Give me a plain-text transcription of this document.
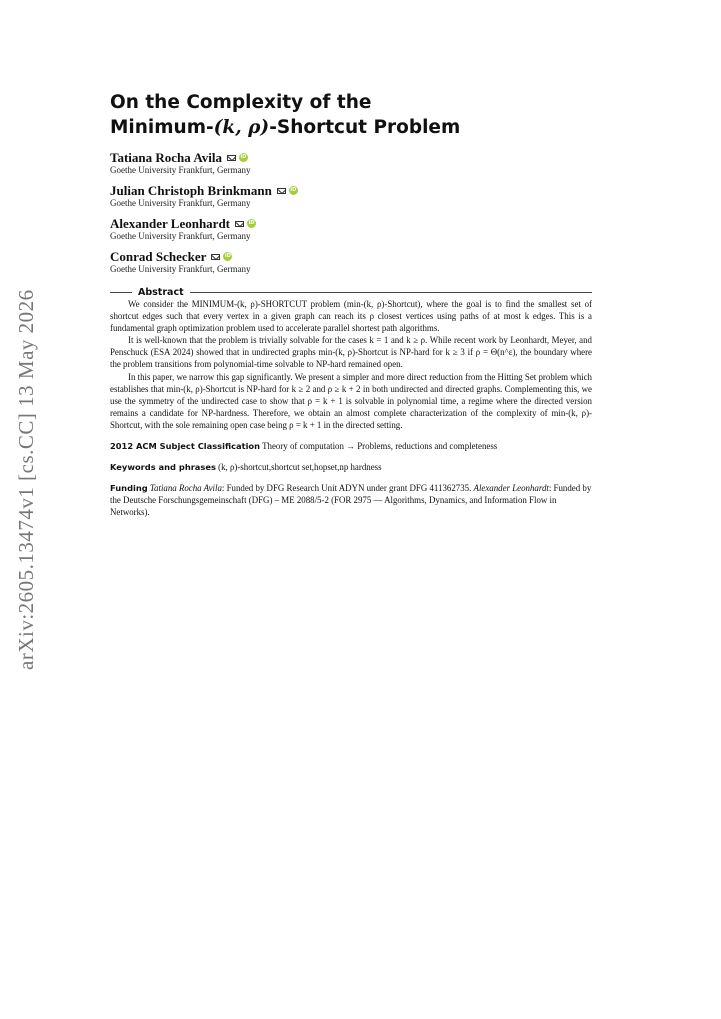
arXiv:2605.13474v1 [cs.CC] 13 May 2026
On the Complexity of the
Minimum-(k, ρ)-Shortcut Problem
Tatiana Rocha Avila	iD
Goethe University Frankfurt, Germany
Julian Christoph Brinkmann	iD
Goethe University Frankfurt, Germany
Alexander Leonhardt	iD
Goethe University Frankfurt, Germany
Conrad Schecker	iD
Goethe University Frankfurt, Germany
Abstract

We consider the MINIMUM-(k, ρ)-SHORTCUT problem (min-(k, ρ)-Shortcut), where the goal is to find the smallest set of shortcut edges such that every vertex in a given graph can reach its ρ closest vertices using paths of at most k edges. This is a fundamental graph optimization problem used to accelerate parallel shortest path algorithms.

It is well-known that the problem is trivially solvable for the cases k = 1 and k ≥ ρ. While recent work by Leonhardt, Meyer, and Penschuck (ESA 2024) showed that in undirected graphs min-(k, ρ)-Shortcut is NP-hard for k ≥ 3 if ρ = Θ(n^ε), the boundary where the problem transitions from polynomial-time solvable to NP-hard remained open.

In this paper, we narrow this gap significantly. We present a simpler and more direct reduction from the Hitting Set problem which establishes that min-(k, ρ)-Shortcut is NP-hard for k ≥ 2 and ρ ≥ k + 2 in both undirected and directed graphs. Complementing this, we use the symmetry of the undirected case to show that ρ = k + 1 is solvable in polynomial time, a regime where the directed version remains a candidate for NP-hardness. Therefore, we obtain an almost complete characterization of the complexity of min-(k, ρ)-Shortcut, with the sole remaining open case being ρ = k + 1 in the directed setting.

2012 ACM Subject Classification Theory of computation → Problems, reductions and completeness
Keywords and phrases (k, ρ)-shortcut,shortcut set,hopset,np hardness
Funding Tatiana Rocha Avila: Funded by DFG Research Unit ADYN under grant DFG 411362735. Alexander Leonhardt: Funded by the Deutsche Forschungsgemeinschaft (DFG) – ME 2088/5-2 (FOR 2975 — Algorithms, Dynamics, and Information Flow in Networks).
